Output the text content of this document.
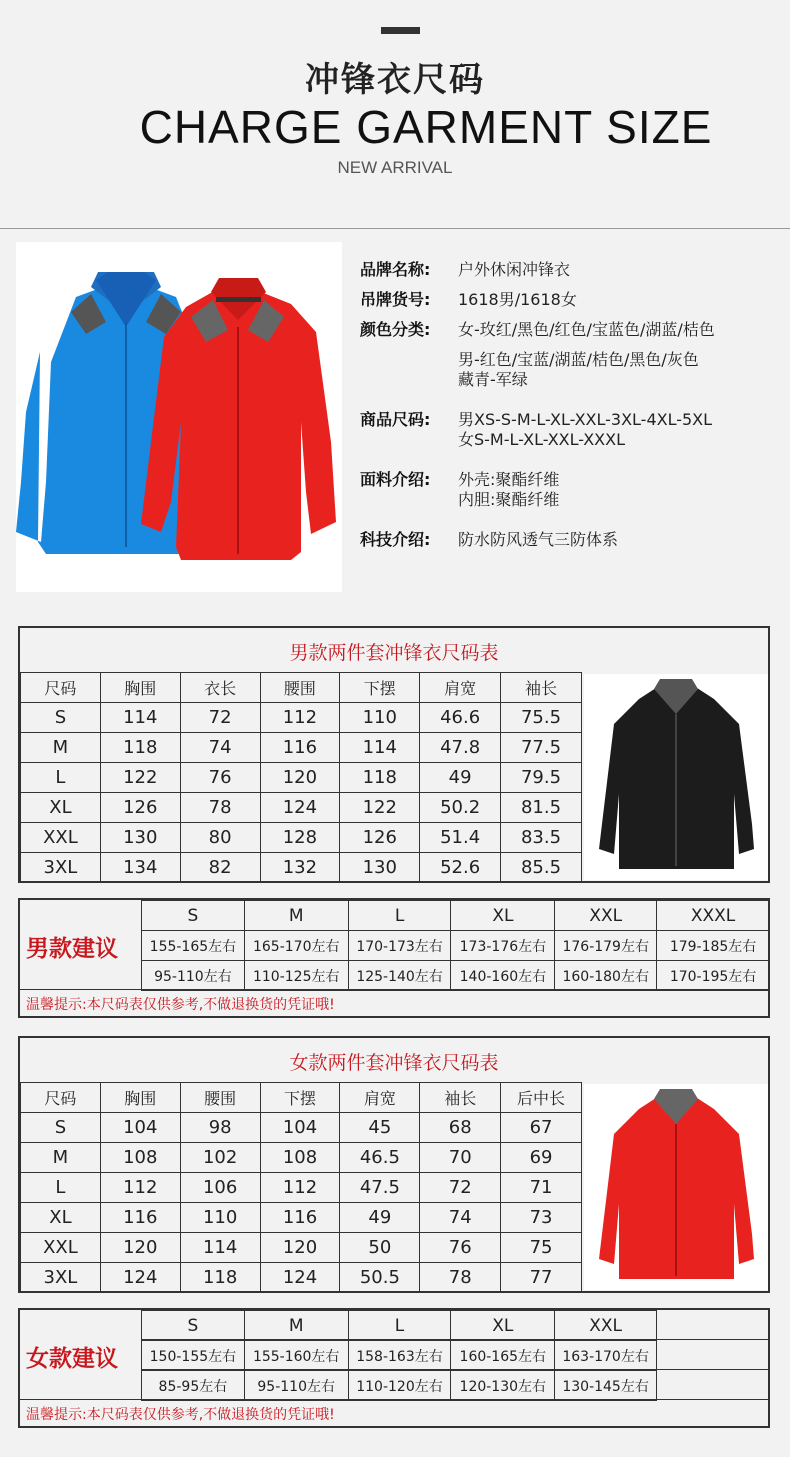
冲锋衣尺码
CHARGE GARMENT SIZE
NEW ARRIVAL
品牌名称: 户外休闲冲锋衣
吊牌货号: 1618男/1618女
颜色分类: 女-玫红/黑色/红色/宝蓝色/湖蓝/桔色
男-红色/宝蓝/湖蓝/桔色/黑色/灰色
藏青-军绿
商品尺码: 男XS-S-M-L-XL-XXL-3XL-4XL-5XL
女S-M-L-XL-XXL-XXXL
面料介绍: 外壳:聚酯纤维
内胆:聚酯纤维
科技介绍: 防水防风透气三防体系
男款两件套冲锋衣尺码表
尺码	胸围	衣长	腰围	下摆	肩宽	袖长
S	114	72	112	110	46.6	75.5
M	118	74	116	114	47.8	77.5
L	122	76	120	118	49	79.5
XL	126	78	124	122	50.2	81.5
XXL	130	80	128	126	51.4	83.5
3XL	134	82	132	130	52.6	85.5
男款建议
S	M	L	XL	XXL	XXXL
155-165左右	165-170左右	170-173左右	173-176左右	176-179左右	179-185左右
95-110左右	110-125左右	125-140左右	140-160左右	160-180左右	170-195左右
温馨提示:本尺码表仅供参考,不做退换货的凭证哦!
女款两件套冲锋衣尺码表
尺码	胸围	腰围	下摆	肩宽	袖长	后中长
S	104	98	104	45	68	67
M	108	102	108	46.5	70	69
L	112	106	112	47.5	72	71
XL	116	110	116	49	74	73
XXL	120	114	120	50	76	75
3XL	124	118	124	50.5	78	77
女款建议
S	M	L	XL	XXL
150-155左右	155-160左右	158-163左右	160-165左右	163-170左右
85-95左右	95-110左右	110-120左右	120-130左右	130-145左右
温馨提示:本尺码表仅供参考,不做退换货的凭证哦!
